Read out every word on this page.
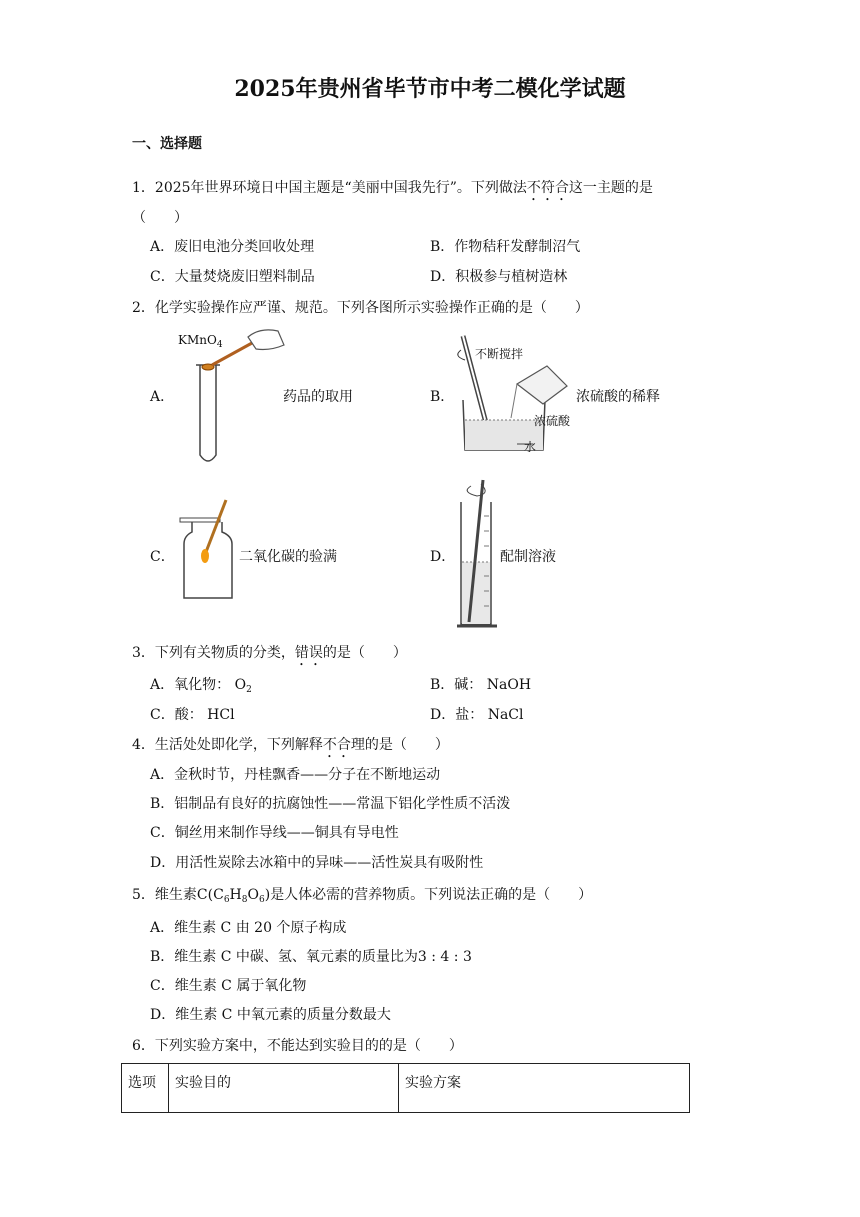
2025年贵州省毕节市中考二模化学试题
一、选择题
1．2025年世界环境日中国主题是“美丽中国我先行”。下列做法不符合这一主题的是
（　　）
A．废旧电池分类回收处理	B．作物秸秆发酵制沼气
C．大量焚烧废旧塑料制品	D．积极参与植树造林
2．化学实验操作应严谨、规范。下列各图所示实验操作正确的是（　　）
A．
KMnO$_4$
药品的取用	B．
不断搅拌
浓硫酸
水
浓硫酸的稀释
C．	二氧化碳的验满	D．	配制溶液
3．下列有关物质的分类，错误的是（　　）
A．氧化物： $O_2$	B．碱： NaOH
C．酸： HCl	D．盐： NaCl
4．生活处处即化学，下列解释不合理的是（　　）
A．金秋时节，丹桂飘香——分子在不断地运动
B．铝制品有良好的抗腐蚀性——常温下铝化学性质不活泼
C．铜丝用来制作导线——铜具有导电性
D．用活性炭除去冰箱中的异味——活性炭具有吸附性
5．维生素$C(C_6H_8O_6)$是人体必需的营养物质。下列说法正确的是（　　）
A．维生素 C 由 20 个原子构成
B．维生素 C 中碳、氢、氧元素的质量比为3 : 4 : 3
C．维生素 C 属于氧化物
D．维生素 C 中氧元素的质量分数最大
6．下列实验方案中，不能达到实验目的的是（　　）
选项	实验目的	实验方案
